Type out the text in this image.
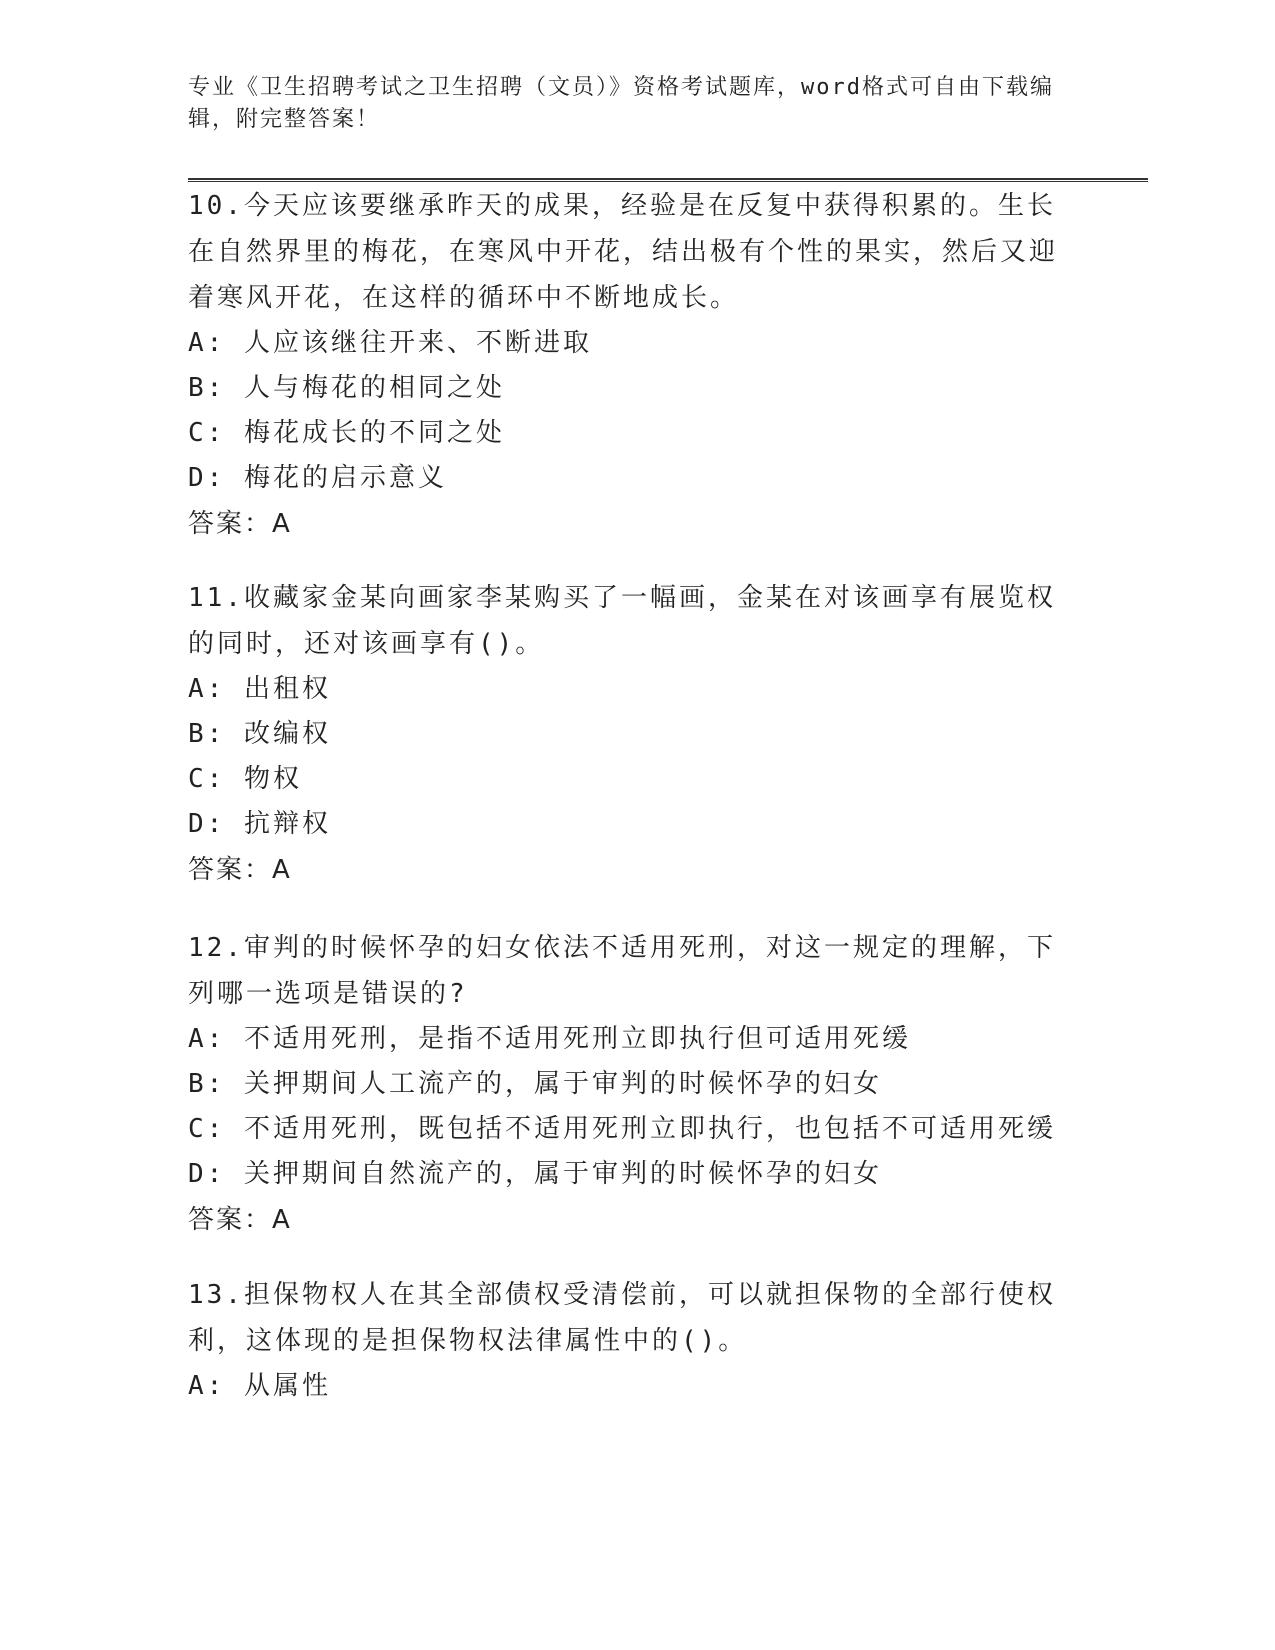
专业《卫生招聘考试之卫生招聘（文员）》资格考试题库，word格式可自由下载编辑，附完整答案！

10.今天应该要继承昨天的成果，经验是在反复中获得积累的。生长在自然界里的梅花，在寒风中开花，结出极有个性的果实，然后又迎着寒风开花，在这样的循环中不断地成长。

A: 人应该继往开来、不断进取

B: 人与梅花的相同之处

C: 梅花成长的不同之处

D: 梅花的启示意义

答案：A

11.收藏家金某向画家李某购买了一幅画，金某在对该画享有展览权的同时，还对该画享有()。

A: 出租权

B: 改编权

C: 物权

D: 抗辩权

答案：A

12.审判的时候怀孕的妇女依法不适用死刑，对这一规定的理解，下列哪一选项是错误的?

A: 不适用死刑，是指不适用死刑立即执行但可适用死缓

B: 关押期间人工流产的，属于审判的时候怀孕的妇女

C: 不适用死刑，既包括不适用死刑立即执行，也包括不可适用死缓

D: 关押期间自然流产的，属于审判的时候怀孕的妇女

答案：A

13.担保物权人在其全部债权受清偿前，可以就担保物的全部行使权利，这体现的是担保物权法律属性中的()。

A: 从属性
